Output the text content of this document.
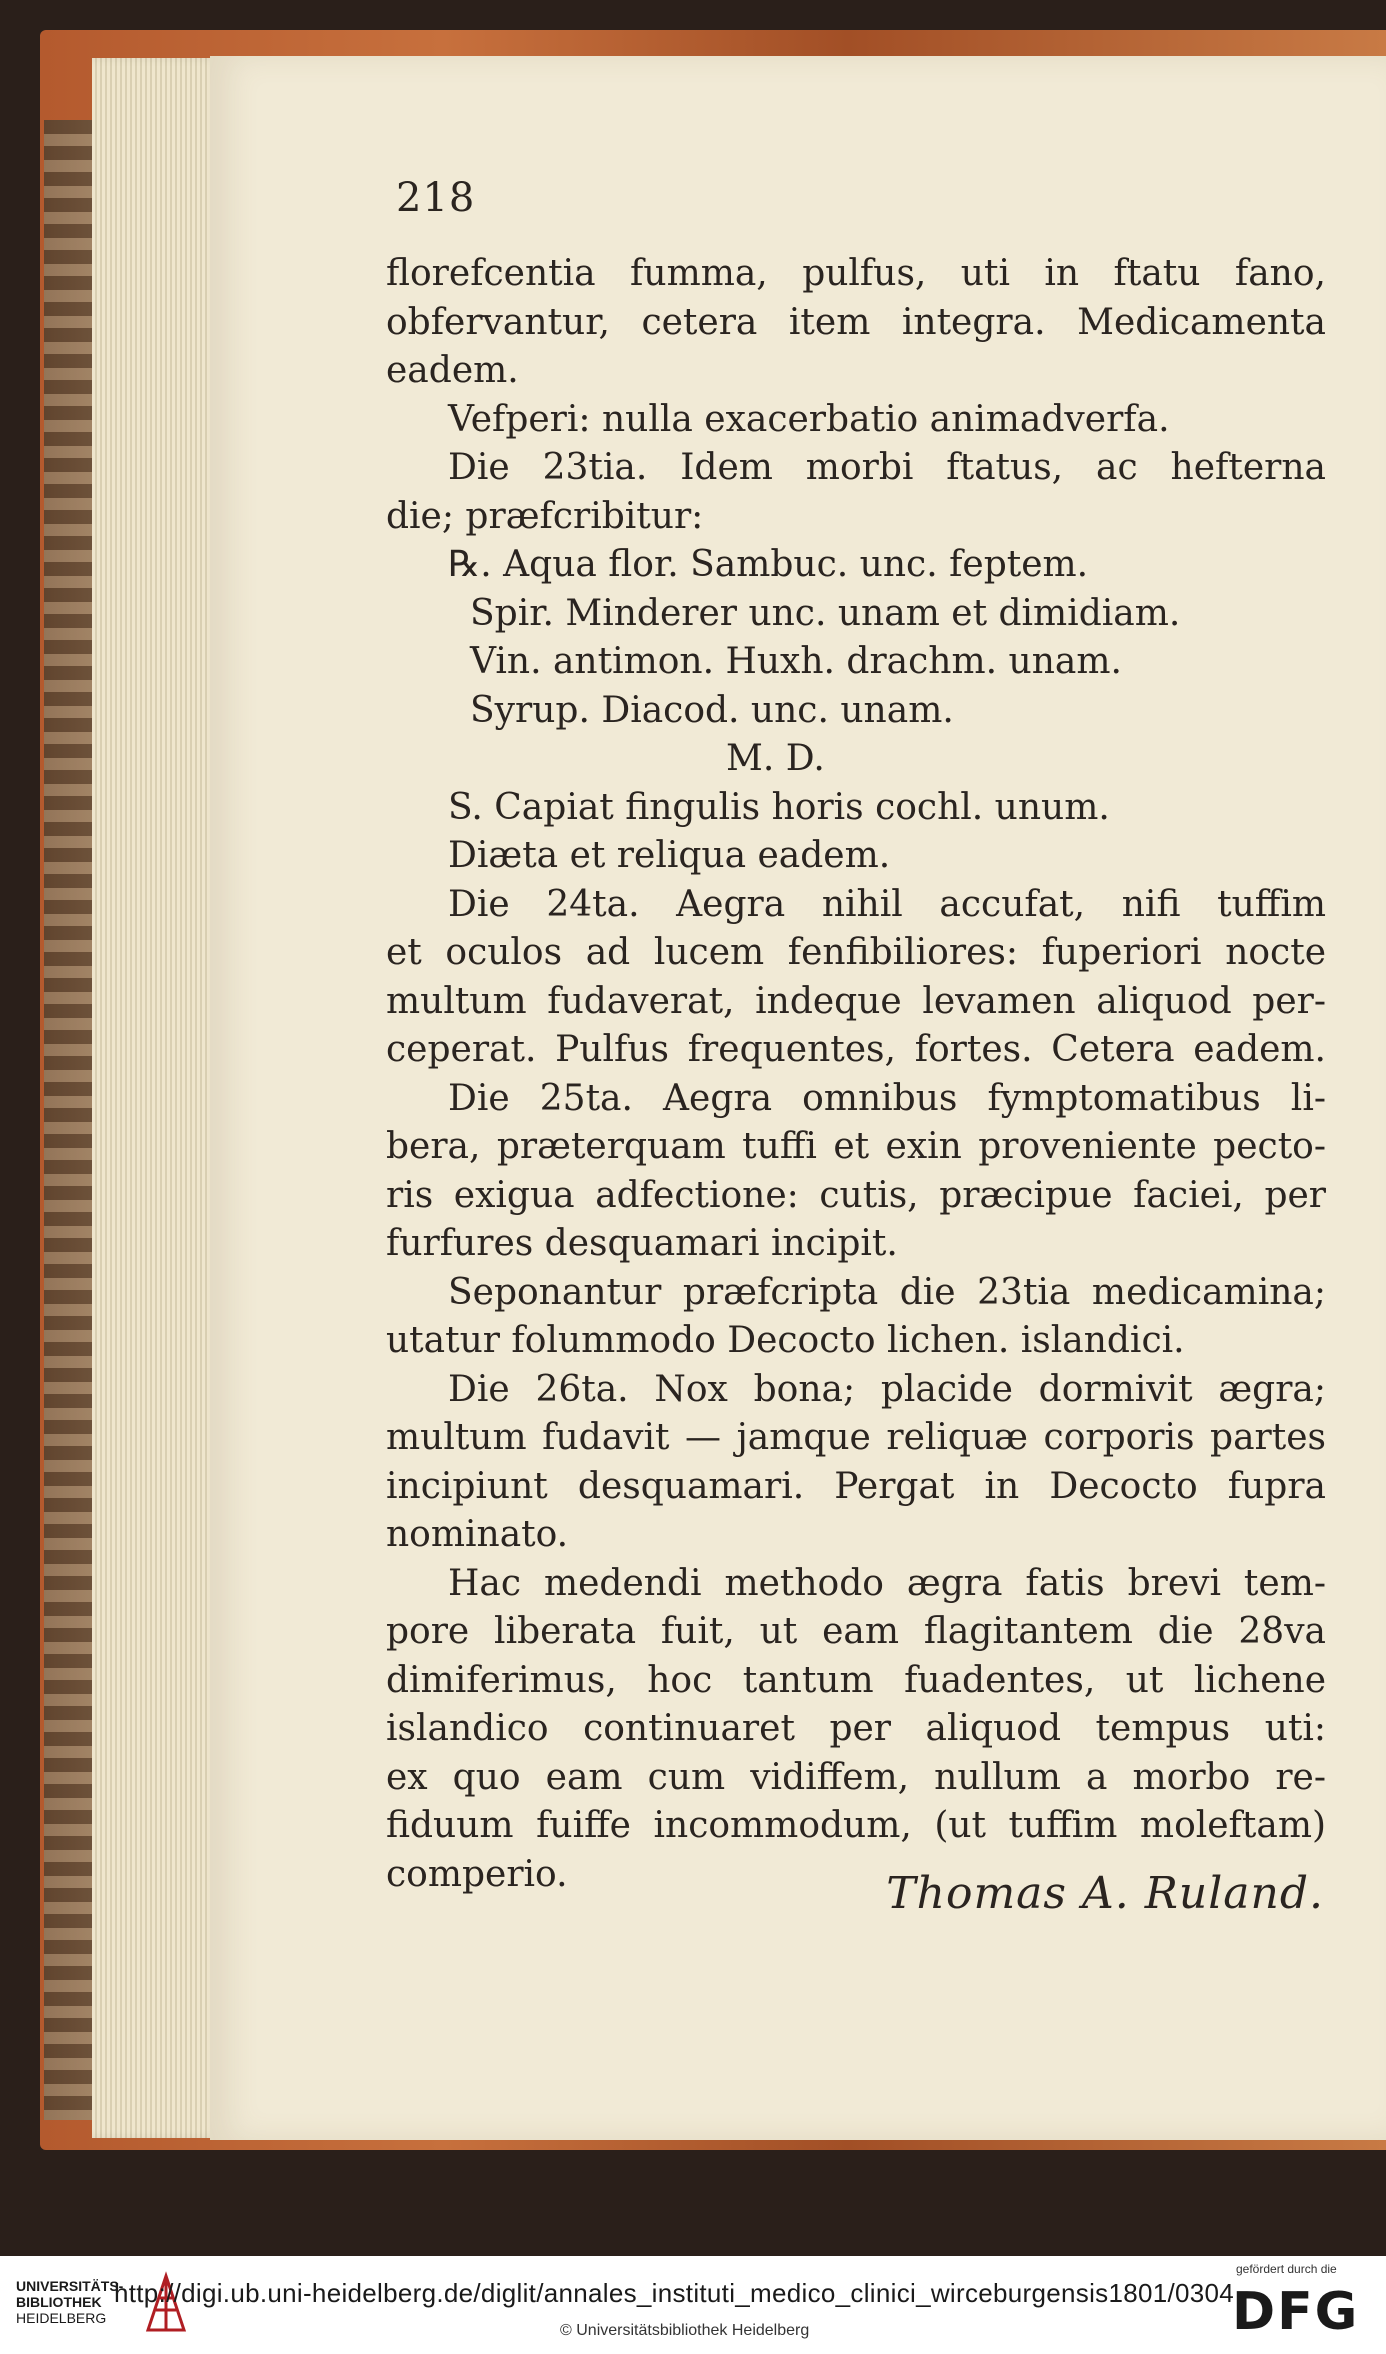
218
florefcentia fumma, pulfus, uti in ftatu fano,
obfervantur, cetera item integra. Medicamenta
eadem.
Vefperi: nulla exacerbatio animadverfa.
Die 23tia. Idem morbi ftatus, ac hefterna
die; præfcribitur:
℞. Aqua flor. Sambuc. unc. feptem.
Spir. Minderer unc. unam et dimidiam.
Vin. antimon. Huxh. drachm. unam.
Syrup. Diacod. unc. unam.
M. D.
S. Capiat fingulis horis cochl. unum.
Diæta et reliqua eadem.
Die 24ta. Aegra nihil accufat, nifi tuffim
et oculos ad lucem fenfibiliores: fuperiori nocte
multum fudaverat, indeque levamen aliquod per-
ceperat. Pulfus frequentes, fortes. Cetera eadem.
Die 25ta. Aegra omnibus fymptomatibus li-
bera, præterquam tuffi et exin proveniente pecto-
ris exigua adfectione: cutis, præcipue faciei, per
furfures desquamari incipit.
Seponantur præfcripta die 23tia medicamina;
utatur folummodo Decocto lichen. islandici.
Die 26ta. Nox bona; placide dormivit ægra;
multum fudavit — jamque reliquæ corporis partes
incipiunt desquamari. Pergat in Decocto fupra
nominato.
Hac medendi methodo ægra fatis brevi tem-
pore liberata fuit, ut eam flagitantem die 28va
dimiferimus, hoc tantum fuadentes, ut lichene
islandico continuaret per aliquod tempus uti:
ex quo eam cum vidiffem, nullum a morbo re-
fiduum fuiffe incommodum, (ut tuffim moleftam)
comperio.	Thomas A. Ruland.
UNIVERSITÄTS-
BIBLIOTHEK
HEIDELBERG
http://digi.ub.uni-heidelberg.de/diglit/annales_instituti_medico_clinici_wirceburgensis1801/0304
© Universitätsbibliothek Heidelberg
gefördert durch die
DFG
